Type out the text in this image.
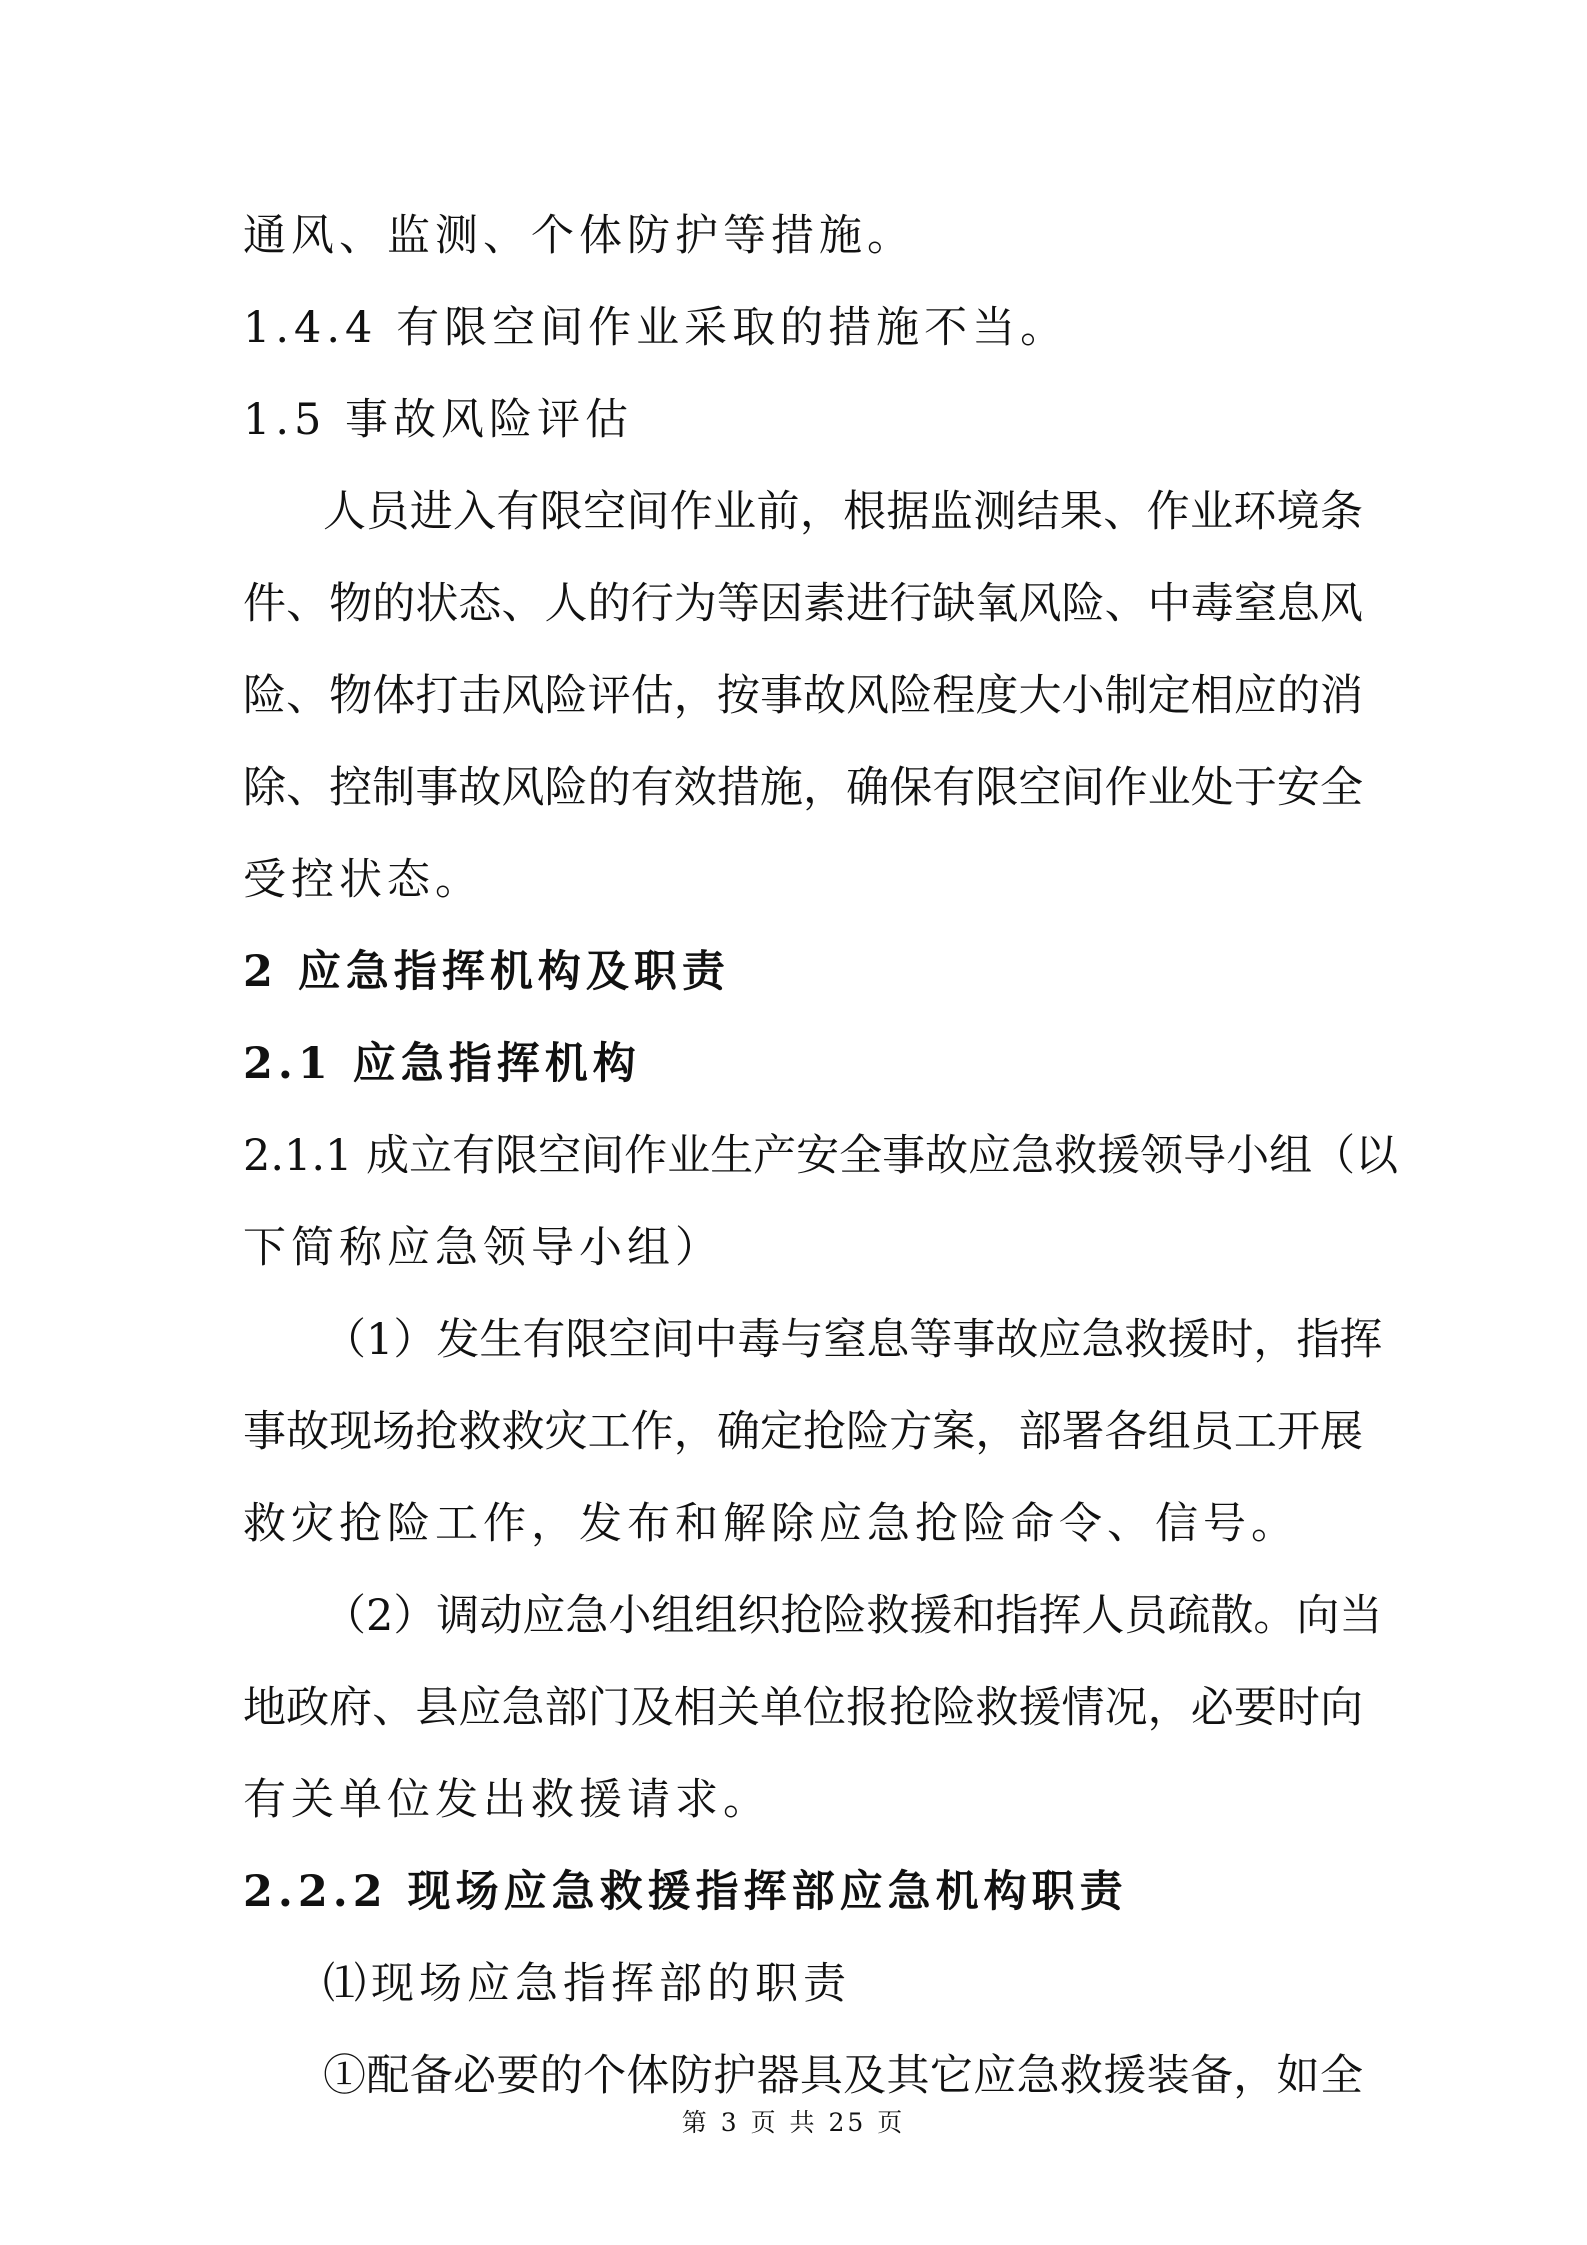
通风、监测、个体防护等措施。
1.4.4 有限空间作业采取的措施不当。
1.5 事故风险评估
人员进入有限空间作业前，根据监测结果、作业环境条
件、物的状态、人的行为等因素进行缺氧风险、中毒窒息风
险、物体打击风险评估，按事故风险程度大小制定相应的消
除、控制事故风险的有效措施，确保有限空间作业处于安全
受控状态。
2 应急指挥机构及职责
2.1 应急指挥机构
2.1.1 成立有限空间作业生产安全事故应急救援领导小组（以
下简称应急领导小组）
（1）发生有限空间中毒与窒息等事故应急救援时，指挥
事故现场抢救救灾工作，确定抢险方案，部署各组员工开展
救灾抢险工作，发布和解除应急抢险命令、信号。
（2）调动应急小组组织抢险救援和指挥人员疏散。向当
地政府、县应急部门及相关单位报抢险救援情况，必要时向
有关单位发出救援请求。
2.2.2 现场应急救援指挥部应急机构职责
⑴现场应急指挥部的职责
①配备必要的个体防护器具及其它应急救援装备，如全
第 3 页 共 25 页
